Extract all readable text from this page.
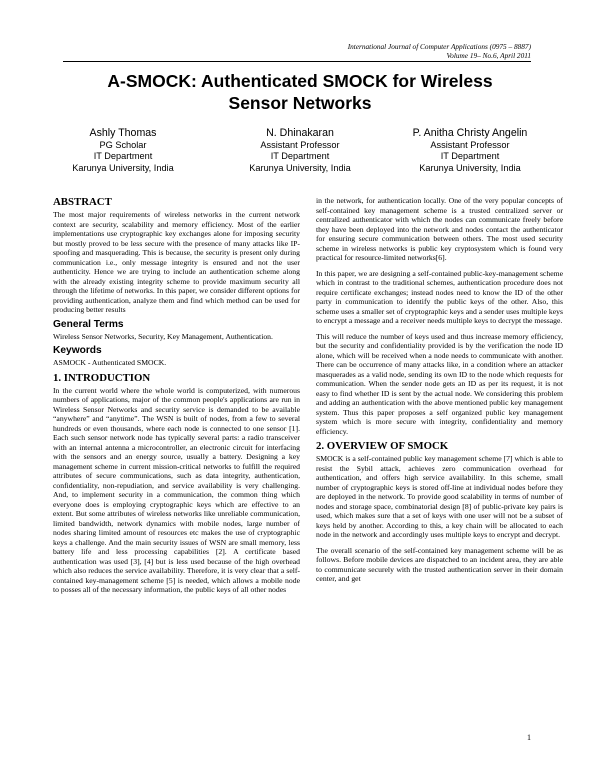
International Journal of Computer Applications (0975 – 8887)
Volume 19– No.6, April 2011
A-SMOCK: Authenticated SMOCK for Wireless
Sensor Networks
Ashly Thomas
PG Scholar
IT Department
Karunya University, India
N. Dhinakaran
Assistant Professor
IT Department
Karunya University, India
P. Anitha Christy Angelin
Assistant Professor
IT Department
Karunya University, India
ABSTRACT

The most major requirements of wireless networks in the current network context are security, scalability and memory efficiency. Most of the earlier implementations use cryptographic key exchanges alone for imposing security but mostly proved to be less secure with the presence of many attacks like IP-spoofing and masquerading. This is because, the security is present only during communication i.e., only message integrity is ensured and not the user authenticity. Hence we are trying to include an authentication scheme along with the already existing integrity scheme to provide maximum security all through the lifetime of networks. In this paper, we consider different options for providing authentication, analyze them and find which method can be used for producing better results

General Terms

Wireless Sensor Networks, Security, Key Management, Authentication.

Keywords

ASMOCK - Authenticated SMOCK.

1. INTRODUCTION

In the current world where the whole world is computerized, with numerous numbers of applications, major of the common people's applications are run in Wireless Sensor Networks and security service is demanded to be available “anywhere” and “anytime”. The WSN is built of nodes, from a few to several hundreds or even thousands, where each node is connected to one sensor [1]. Each such sensor network node has typically several parts: a radio transceiver with an internal antenna a microcontroller, an electronic circuit for interfacing with the sensors and an energy source, usually a battery. Designing a key management scheme in current mission-critical networks to fulfill the required attributes of secure communications, such as data integrity, authentication, confidentiality, non-repudiation, and service availability is very challenging. And, to implement security in a communication, the common thing which everyone does is employing cryptographic keys which are effective to an extent. But some attributes of wireless networks like unreliable communication, limited bandwidth, network dynamics with mobile nodes, large number of nodes sharing limited amount of resources etc makes the use of cryptographic keys a challenge. And the main security issues of WSN are small memory, less battery life and less processing capabilities [2]. A certificate based authentication was used [3], [4] but is less used because of the high overhead which also reduces the service availability. Therefore, it is very clear that a self-contained key-management scheme [5] is needed, which allows a mobile node to posses all of the necessary information, the public keys of all other nodes

in the network, for authentication locally. One of the very popular concepts of self-contained key management scheme is a trusted centralized server or centralized authenticator with which the nodes can communicate freely before they have been deployed into the network and nodes contact the authenticator for ensuring secure communication between others. The most used security scheme in wireless networks is public key cryptosystem which is found very practical for resource-limited networks[6].

In this paper, we are designing a self-contained public-key-management scheme which in contrast to the traditional schemes, authentication procedure does not require certificate exchanges; instead nodes need to know the ID of the other party in communication to identify the public keys of the other. Also, this scheme uses a smaller set of cryptographic keys and a sender uses multiple keys to encrypt a message and a receiver needs multiple keys to decrypt the message.

This will reduce the number of keys used and thus increase memory efficiency, but the security and confidentiality provided is by the verification the node ID alone, which will be received when a node needs to communicate with another. There can be occurrence of many attacks like, in a condition where an attacker masquerades as a valid node, sending its own ID to the node which requests for communication. When the sender node gets an ID as per its request, it is not easy to find whether ID is sent by the actual node. We considering this problem and adding an authentication with the above mentioned public key management system. Thus this paper proposes a self organized public key management system which is more secure with integrity, confidentiality and memory efficiency.

2. OVERVIEW OF SMOCK

SMOCK is a self-contained public key management scheme [7] which is able to resist the Sybil attack, achieves zero communication overhead for authentication, and offers high service availability. In this scheme, small number of cryptographic keys is stored off-line at individual nodes before they are deployed in the network. To provide good scalability in terms of number of nodes and storage space, combinatorial design [8] of public-private key pairs is used, which makes sure that a set of keys with one user will not be a subset of keys held by another. According to this, a key chain will be allocated to each node in the network and accordingly uses multiple keys to encrypt and decrypt.

The overall scenario of the self-contained key management scheme will be as follows. Before mobile devices are dispatched to an incident area, they are able to communicate securely with the trusted authentication server in their domain center, and get

1
